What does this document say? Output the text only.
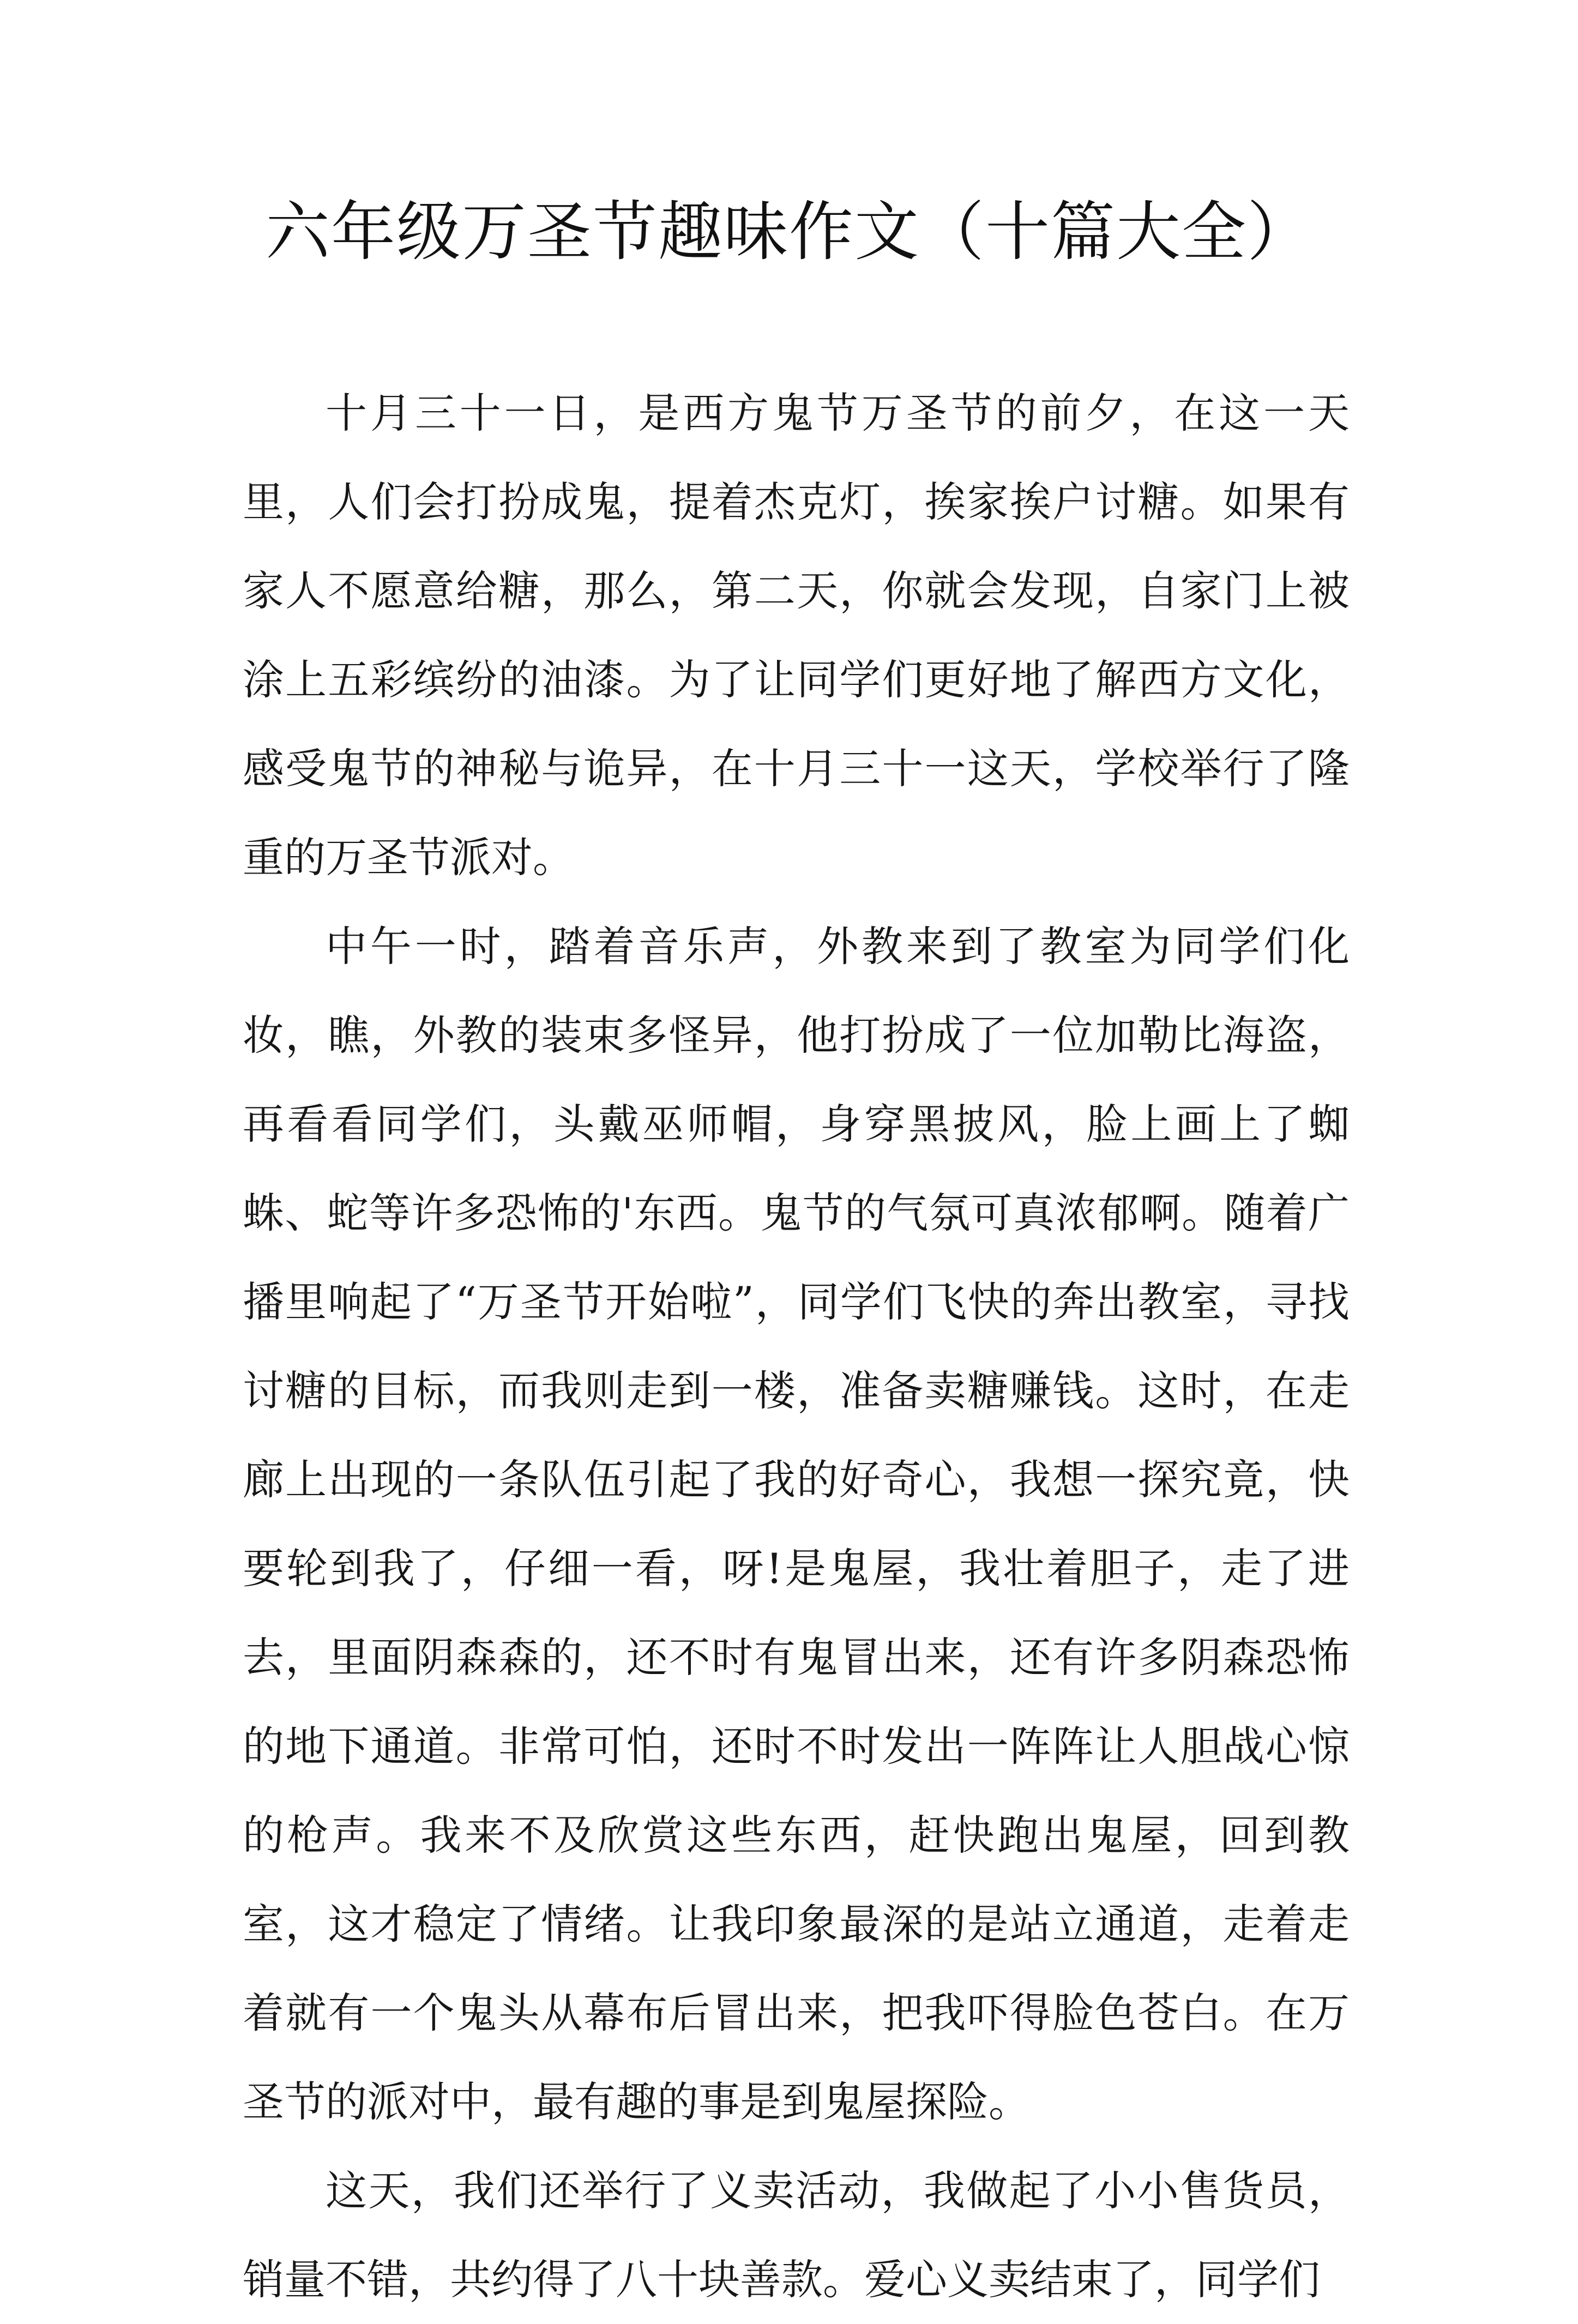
六年级万圣节趣味作文（十篇大全）

十月三十一日，是西方鬼节万圣节的前夕，在这一天里，人们会打扮成鬼，提着杰克灯，挨家挨户讨糖。如果有家人不愿意给糖，那么，第二天，你就会发现，自家门上被涂上五彩缤纷的油漆。为了让同学们更好地了解西方文化，感受鬼节的神秘与诡异，在十月三十一这天，学校举行了隆重的万圣节派对。

中午一时，踏着音乐声，外教来到了教室为同学们化妆，瞧，外教的装束多怪异，他打扮成了一位加勒比海盗，再看看同学们，头戴巫师帽，身穿黑披风，脸上画上了蜘蛛、蛇等许多恐怖的'东西。鬼节的气氛可真浓郁啊。随着广播里响起了“万圣节开始啦”，同学们飞快的奔出教室，寻找讨糖的目标，而我则走到一楼，准备卖糖赚钱。这时，在走廊上出现的一条队伍引起了我的好奇心，我想一探究竟，快要轮到我了，仔细一看，呀!是鬼屋，我壮着胆子，走了进去，里面阴森森的，还不时有鬼冒出来，还有许多阴森恐怖的地下通道。非常可怕，还时不时发出一阵阵让人胆战心惊的枪声。我来不及欣赏这些东西，赶快跑出鬼屋，回到教室，这才稳定了情绪。让我印象最深的是站立通道，走着走着就有一个鬼头从幕布后冒出来，把我吓得脸色苍白。在万圣节的派对中，最有趣的事是到鬼屋探险。

这天，我们还举行了义卖活动，我做起了小小售货员，销量不错，共约得了八十块善款。爱心义卖结束了，同学们
